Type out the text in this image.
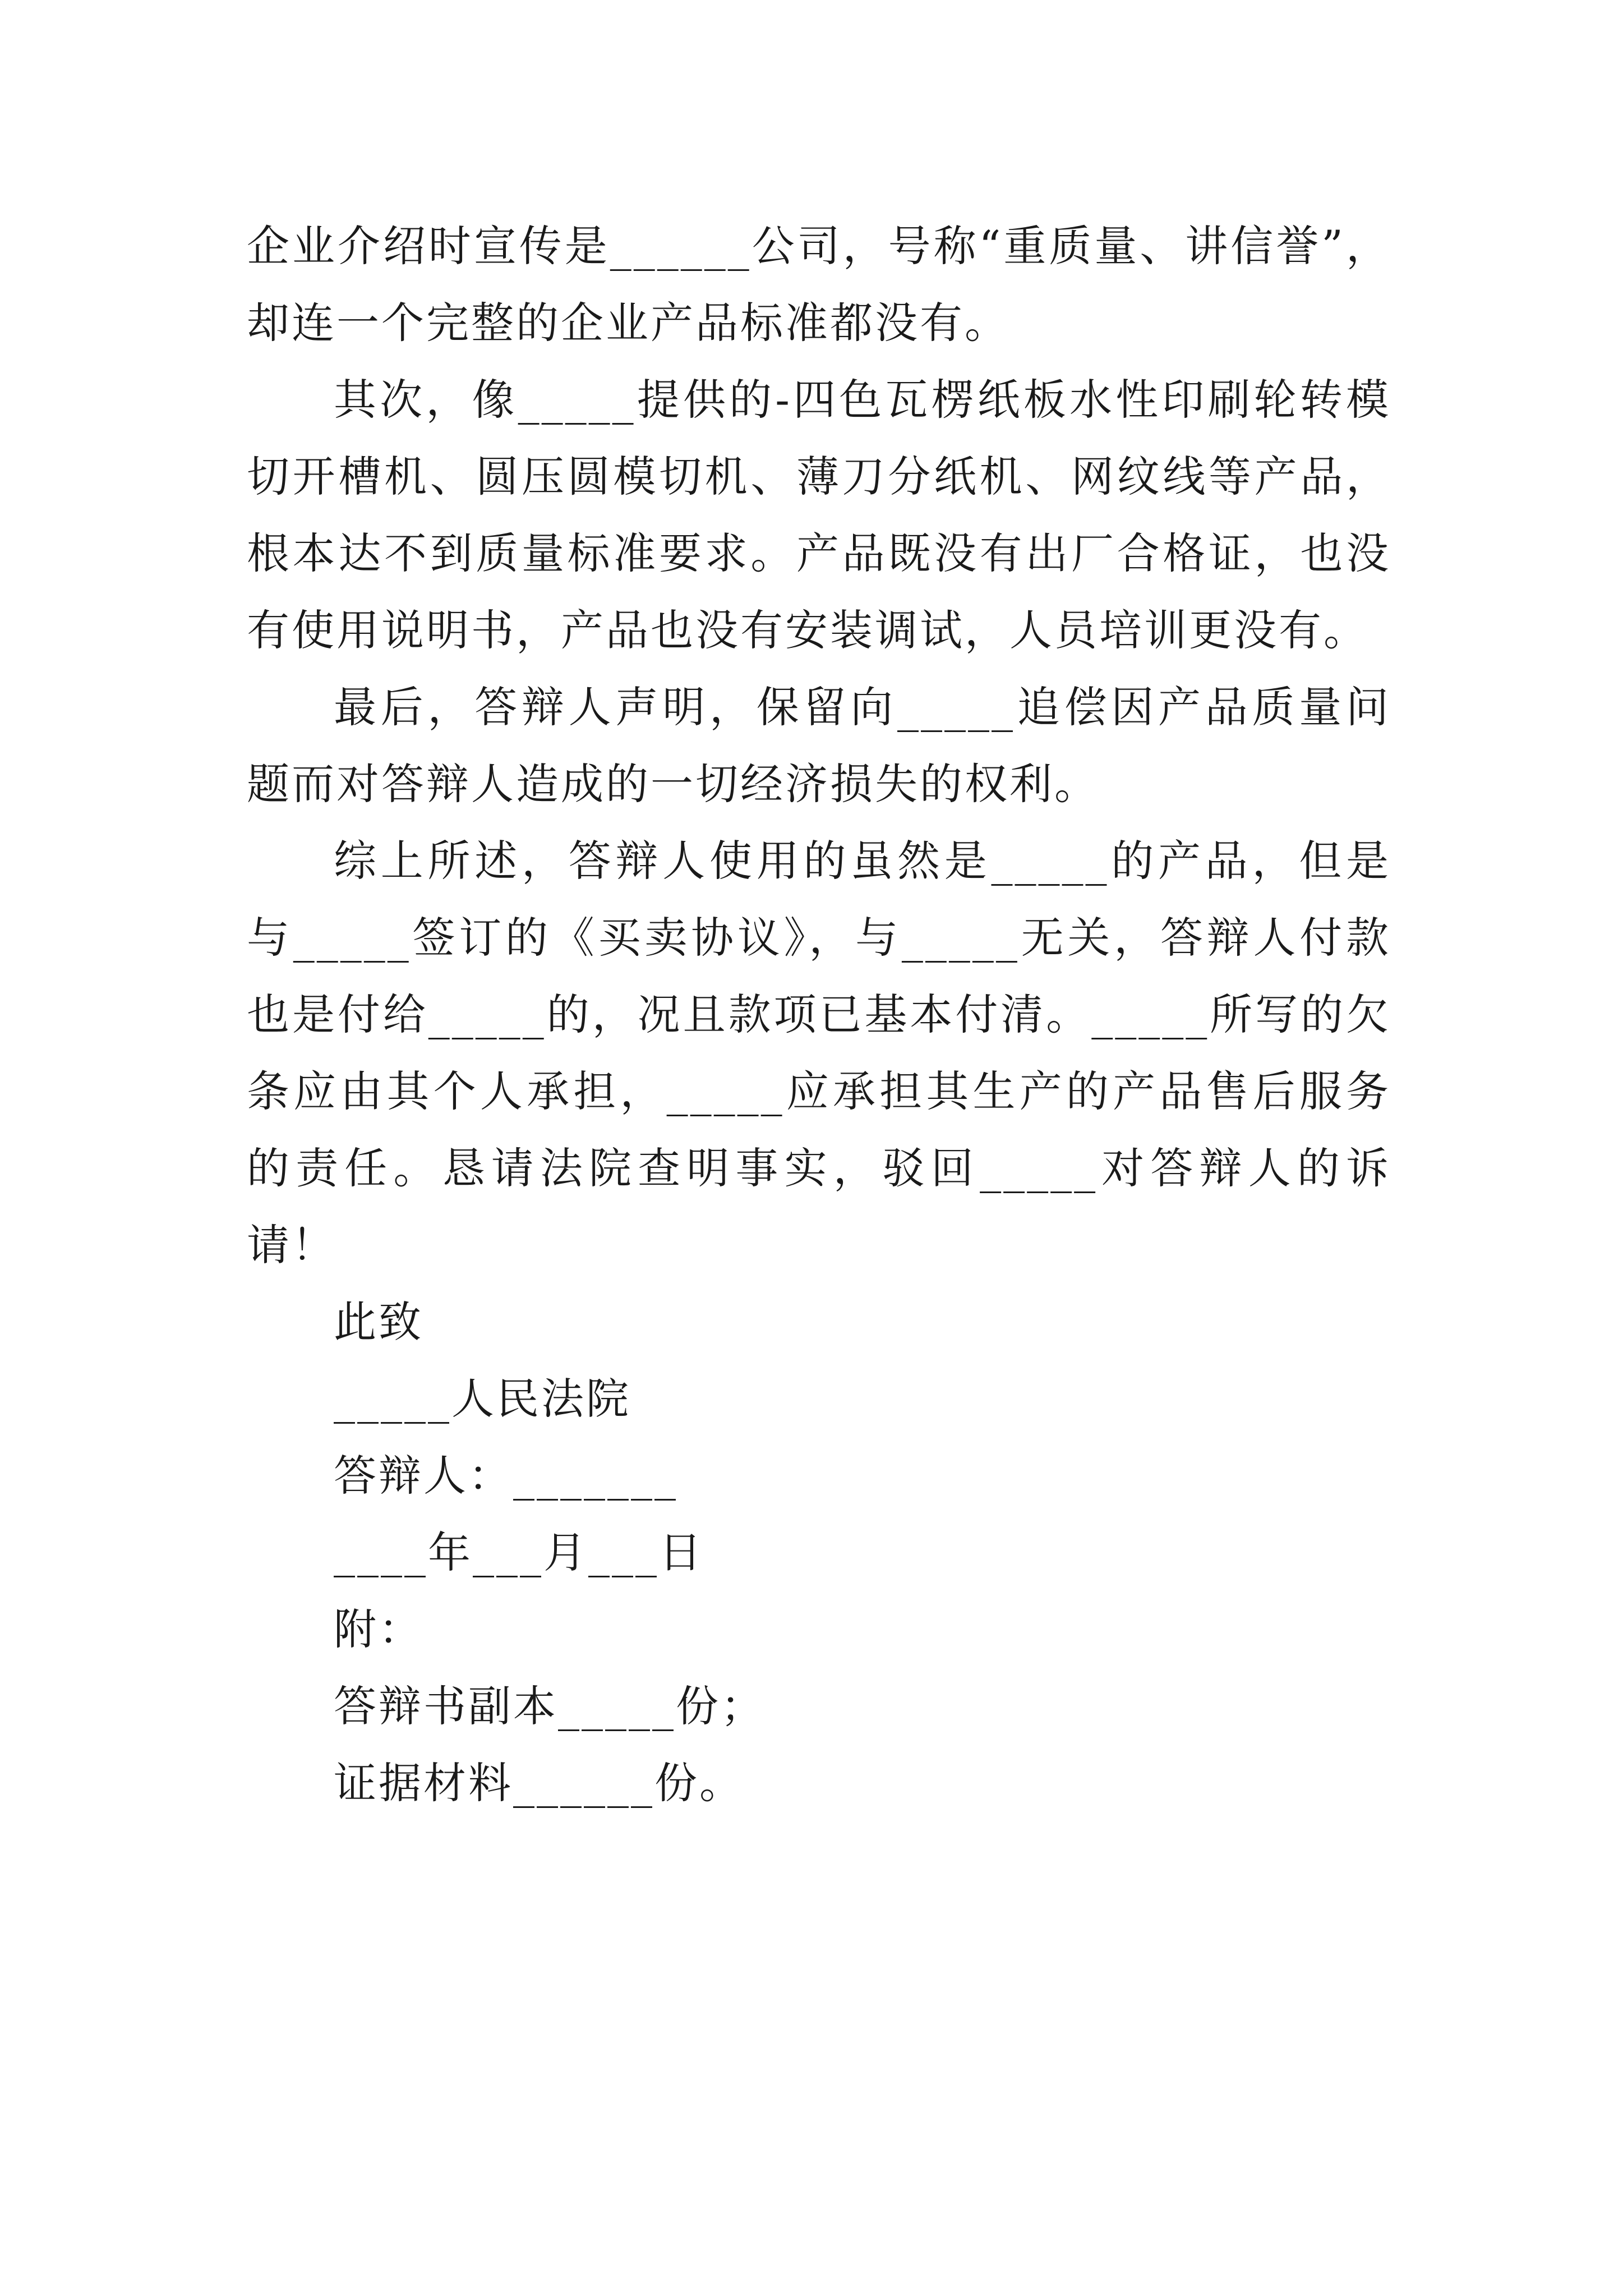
企业介绍时宣传是______公司，号称“重质量、讲信誉”，却连一个完整的企业产品标准都没有。

其次，像_____提供的-四色瓦楞纸板水性印刷轮转模切开槽机、圆压圆模切机、薄刀分纸机、网纹线等产品，根本达不到质量标准要求。产品既没有出厂合格证，也没有使用说明书，产品也没有安装调试，人员培训更没有。

最后，答辩人声明，保留向_____追偿因产品质量问题而对答辩人造成的一切经济损失的权利。

综上所述，答辩人使用的虽然是_____的产品，但是与_____签订的《买卖协议》，与_____无关，答辩人付款也是付给_____的，况且款项已基本付清。_____所写的欠条应由其个人承担，_____应承担其生产的产品售后服务的责任。恳请法院查明事实，驳回_____对答辩人的诉请！

此致

_____人民法院

答辩人：_______

____年___月___日

附：

答辩书副本_____份；

证据材料______份。
